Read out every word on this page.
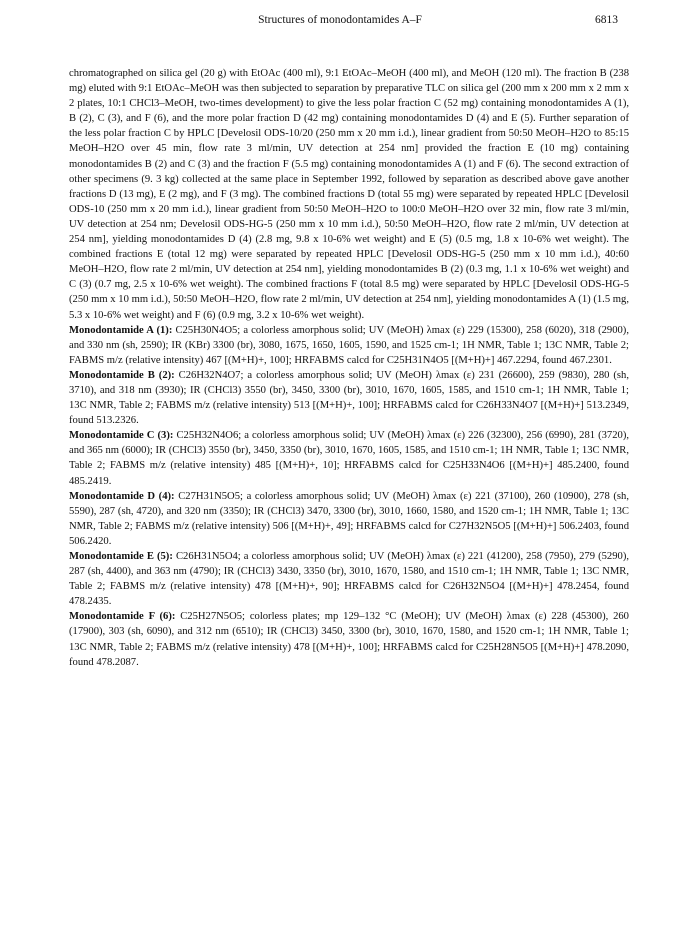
Structures of monodontamides A–F	6813

chromatographed on silica gel (20 g) with EtOAc (400 ml), 9:1 EtOAc–MeOH (400 ml), and MeOH (120 ml). The fraction B (238 mg) eluted with 9:1 EtOAc–MeOH was then subjected to separation by preparative TLC on silica gel (200 mm x 200 mm x 2 mm x 2 plates, 10:1 CHCl3–MeOH, two-times development) to give the less polar fraction C (52 mg) containing monodontamides A (1), B (2), C (3), and F (6), and the more polar fraction D (42 mg) containing monodontamides D (4) and E (5). Further separation of the less polar fraction C by HPLC [Develosil ODS-10/20 (250 mm x 20 mm i.d.), linear gradient from 50:50 MeOH–H2O to 85:15 MeOH–H2O over 45 min, flow rate 3 ml/min, UV detection at 254 nm] provided the fraction E (10 mg) containing monodontamides B (2) and C (3) and the fraction F (5.5 mg) containing monodontamides A (1) and F (6). The second extraction of other specimens (9. 3 kg) collected at the same place in September 1992, followed by separation as described above gave another fractions D (13 mg), E (2 mg), and F (3 mg). The combined fractions D (total 55 mg) were separated by repeated HPLC [Develosil ODS-10 (250 mm x 20 mm i.d.), linear gradient from 50:50 MeOH–H2O to 100:0 MeOH–H2O over 32 min, flow rate 3 ml/min, UV detection at 254 nm; Develosil ODS-HG-5 (250 mm x 10 mm i.d.), 50:50 MeOH–H2O, flow rate 2 ml/min, UV detection at 254 nm], yielding monodontamides D (4) (2.8 mg, 9.8 x 10-6% wet weight) and E (5) (0.5 mg, 1.8 x 10-6% wet weight). The combined fractions E (total 12 mg) were separated by repeated HPLC [Develosil ODS-HG-5 (250 mm x 10 mm i.d.), 40:60 MeOH–H2O, flow rate 2 ml/min, UV detection at 254 nm], yielding monodontamides B (2) (0.3 mg, 1.1 x 10-6% wet weight) and C (3) (0.7 mg, 2.5 x 10-6% wet weight). The combined fractions F (total 8.5 mg) were separated by HPLC [Develosil ODS-HG-5 (250 mm x 10 mm i.d.), 50:50 MeOH–H2O, flow rate 2 ml/min, UV detection at 254 nm], yielding monodontamides A (1) (1.5 mg, 5.3 x 10-6% wet weight) and F (6) (0.9 mg, 3.2 x 10-6% wet weight).

Monodontamide A (1): C25H30N4O5; a colorless amorphous solid; UV (MeOH) λmax (ε) 229 (15300), 258 (6020), 318 (2900), and 330 nm (sh, 2590); IR (KBr) 3300 (br), 3080, 1675, 1650, 1605, 1590, and 1525 cm-1; 1H NMR, Table 1; 13C NMR, Table 2; FABMS m/z (relative intensity) 467 [(M+H)+, 100]; HRFABMS calcd for C25H31N4O5 [(M+H)+] 467.2294, found 467.2301.

Monodontamide B (2): C26H32N4O7; a colorless amorphous solid; UV (MeOH) λmax (ε) 231 (26600), 259 (9830), 280 (sh, 3710), and 318 nm (3930); IR (CHCl3) 3550 (br), 3450, 3300 (br), 3010, 1670, 1605, 1585, and 1510 cm-1; 1H NMR, Table 1; 13C NMR, Table 2; FABMS m/z (relative intensity) 513 [(M+H)+, 100]; HRFABMS calcd for C26H33N4O7 [(M+H)+] 513.2349, found 513.2326.

Monodontamide C (3): C25H32N4O6; a colorless amorphous solid; UV (MeOH) λmax (ε) 226 (32300), 256 (6990), 281 (3720), and 365 nm (6000); IR (CHCl3) 3550 (br), 3450, 3350 (br), 3010, 1670, 1605, 1585, and 1510 cm-1; 1H NMR, Table 1; 13C NMR, Table 2; FABMS m/z (relative intensity) 485 [(M+H)+, 10]; HRFABMS calcd for C25H33N4O6 [(M+H)+] 485.2400, found 485.2419.

Monodontamide D (4): C27H31N5O5; a colorless amorphous solid; UV (MeOH) λmax (ε) 221 (37100), 260 (10900), 278 (sh, 5590), 287 (sh, 4720), and 320 nm (3350); IR (CHCl3) 3470, 3300 (br), 3010, 1660, 1580, and 1520 cm-1; 1H NMR, Table 1; 13C NMR, Table 2; FABMS m/z (relative intensity) 506 [(M+H)+, 49]; HRFABMS calcd for C27H32N5O5 [(M+H)+] 506.2403, found 506.2420.

Monodontamide E (5): C26H31N5O4; a colorless amorphous solid; UV (MeOH) λmax (ε) 221 (41200), 258 (7950), 279 (5290), 287 (sh, 4400), and 363 nm (4790); IR (CHCl3) 3430, 3350 (br), 3010, 1670, 1580, and 1510 cm-1; 1H NMR, Table 1; 13C NMR, Table 2; FABMS m/z (relative intensity) 478 [(M+H)+, 90]; HRFABMS calcd for C26H32N5O4 [(M+H)+] 478.2454, found 478.2435.

Monodontamide F (6): C25H27N5O5; colorless plates; mp 129–132 °C (MeOH); UV (MeOH) λmax (ε) 228 (45300), 260 (17900), 303 (sh, 6090), and 312 nm (6510); IR (CHCl3) 3450, 3300 (br), 3010, 1670, 1580, and 1520 cm-1; 1H NMR, Table 1; 13C NMR, Table 2; FABMS m/z (relative intensity) 478 [(M+H)+, 100]; HRFABMS calcd for C25H28N5O5 [(M+H)+] 478.2090, found 478.2087.
